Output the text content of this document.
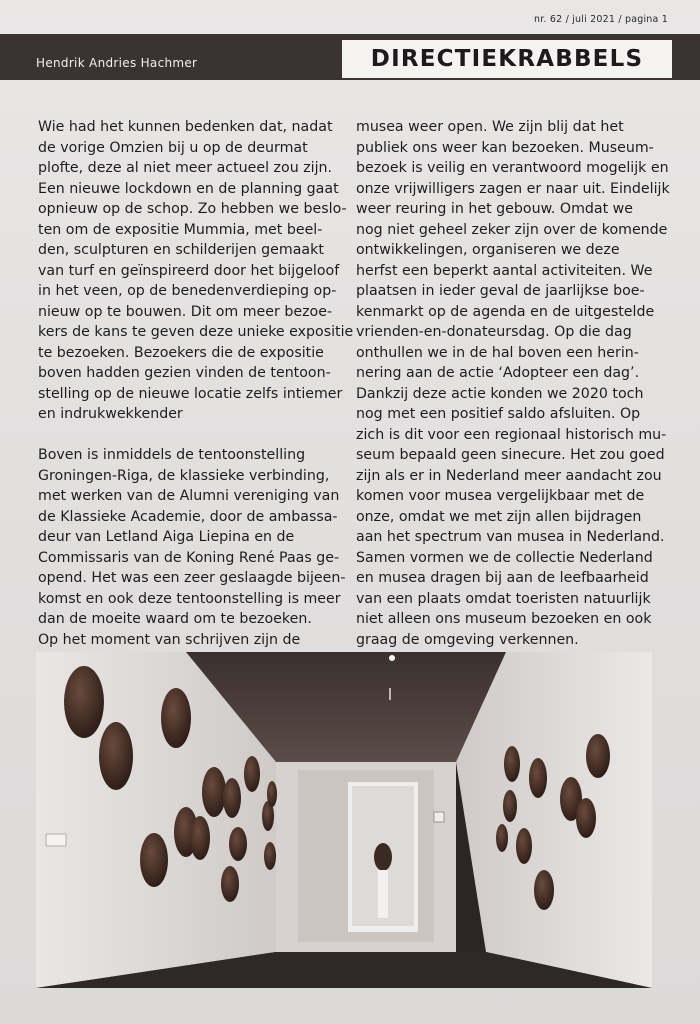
nr. 62 / juli 2021 / pagina 1
Hendrik Andries Hachmer	DIRECTIEKRABBELS
Wie had het kunnen bedenken dat, nadat
de vorige Omzien bij u op de deurmat
plofte, deze al niet meer actueel zou zijn.
Een nieuwe lockdown en de planning gaat
opnieuw op de schop. Zo hebben we beslo-
ten om de expositie Mummia, met beel-
den, sculpturen en schilderijen gemaakt
van turf en geïnspireerd door het bijgeloof
in het veen, op de benedenverdieping op-
nieuw op te bouwen. Dit om meer bezoe-
kers de kans te geven deze unieke expositie
te bezoeken. Bezoekers die de expositie
boven hadden gezien vinden de tentoon-
stelling op de nieuwe locatie zelfs intiemer
en indrukwekkender
Boven is inmiddels de tentoonstelling
Groningen-Riga, de klassieke verbinding,
met werken van de Alumni vereniging van
de Klassieke Academie, door de ambassa-
deur van Letland Aiga Liepina en de
Commissaris van de Koning René Paas ge-
opend. Het was een zeer geslaagde bijeen-
komst en ook deze tentoonstelling is meer
dan de moeite waard om te bezoeken.
Op het moment van schrijven zijn de
musea weer open. We zijn blij dat het
publiek ons weer kan bezoeken. Museum-
bezoek is veilig en verantwoord mogelijk en
onze vrijwilligers zagen er naar uit. Eindelijk
weer reuring in het gebouw. Omdat we
nog niet geheel zeker zijn over de komende
ontwikkelingen, organiseren we deze
herfst een beperkt aantal activiteiten. We
plaatsen in ieder geval de jaarlijkse boe-
kenmarkt op de agenda en de uitgestelde
vrienden-en-donateursdag. Op die dag
onthullen we in de hal boven een herin-
nering aan de actie ‘Adopteer een dag’.
Dankzij deze actie konden we 2020 toch
nog met een positief saldo afsluiten. Op
zich is dit voor een regionaal historisch mu-
seum bepaald geen sinecure. Het zou goed
zijn als er in Nederland meer aandacht zou
komen voor musea vergelijkbaar met de
onze, omdat we met zijn allen bijdragen
aan het spectrum van musea in Nederland.
Samen vormen we de collectie Nederland
en musea dragen bij aan de leefbaarheid
van een plaats omdat toeristen natuurlijk
niet alleen ons museum bezoeken en ook
graag de omgeving verkennen.
